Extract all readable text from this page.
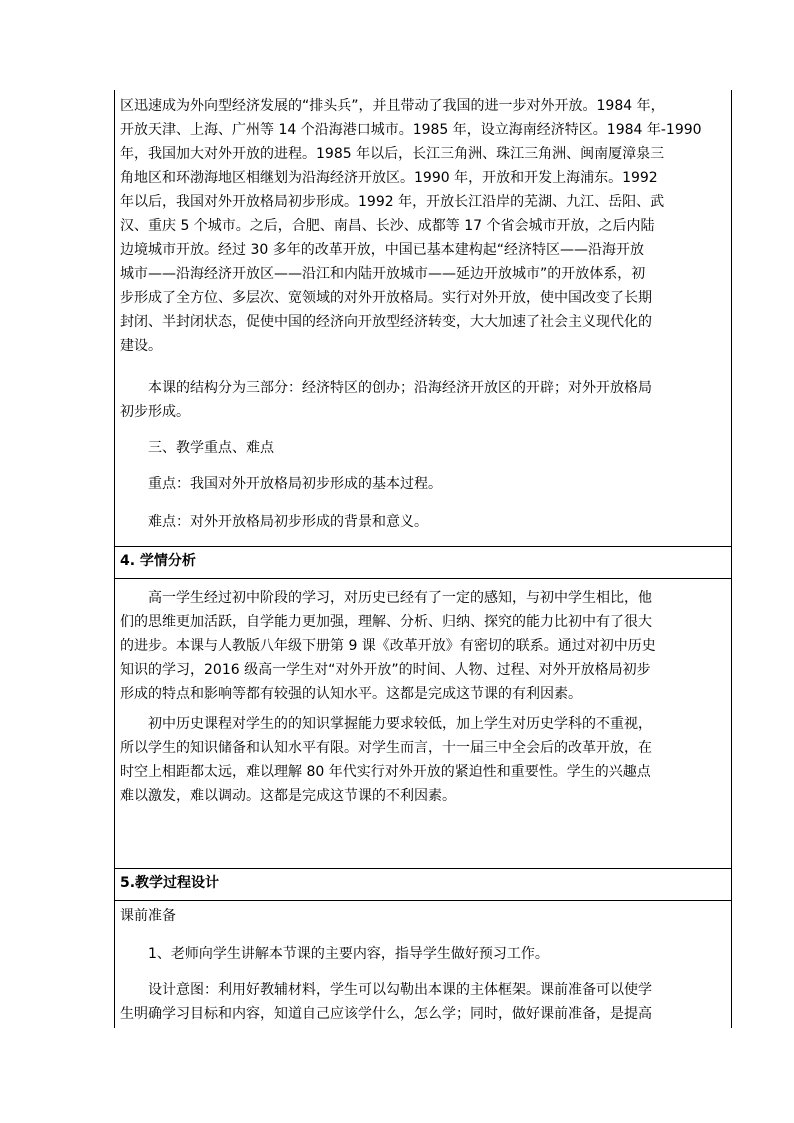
区迅速成为外向型经济发展的“排头兵”，并且带动了我国的进一步对外开放。1984 年，
开放天津、上海、广州等 14 个沿海港口城市。1985 年，设立海南经济特区。1984 年-1990
年，我国加大对外开放的进程。1985 年以后，长江三角洲、珠江三角洲、闽南厦漳泉三
角地区和环渤海地区相继划为沿海经济开放区。1990 年，开放和开发上海浦东。1992
年以后，我国对外开放格局初步形成。1992 年，开放长江沿岸的芜湖、九江、岳阳、武
汉、重庆 5 个城市。之后，合肥、南昌、长沙、成都等 17 个省会城市开放，之后内陆
边境城市开放。经过 30 多年的改革开放，中国已基本建构起“经济特区——沿海开放
城市——沿海经济开放区——沿江和内陆开放城市——延边开放城市”的开放体系，初
步形成了全方位、多层次、宽领域的对外开放格局。实行对外开放，使中国改变了长期
封闭、半封闭状态，促使中国的经济向开放型经济转变，大大加速了社会主义现代化的
建设。
本课的结构分为三部分：经济特区的创办；沿海经济开放区的开辟；对外开放格局
初步形成。
三、教学重点、难点
重点：我国对外开放格局初步形成的基本过程。
难点：对外开放格局初步形成的背景和意义。
4. 学情分析
高一学生经过初中阶段的学习，对历史已经有了一定的感知，与初中学生相比，他
们的思维更加活跃，自学能力更加强，理解、分析、归纳、探究的能力比初中有了很大
的进步。本课与人教版八年级下册第 9 课《改革开放》有密切的联系。通过对初中历史
知识的学习，2016 级高一学生对“对外开放”的时间、人物、过程、对外开放格局初步
形成的特点和影响等都有较强的认知水平。这都是完成这节课的有利因素。
初中历史课程对学生的的知识掌握能力要求较低，加上学生对历史学科的不重视，
所以学生的知识储备和认知水平有限。对学生而言，十一届三中全会后的改革开放，在
时空上相距都太远，难以理解 80 年代实行对外开放的紧迫性和重要性。学生的兴趣点
难以激发，难以调动。这都是完成这节课的不利因素。
5.教学过程设计
课前准备
1、老师向学生讲解本节课的主要内容，指导学生做好预习工作。
设计意图：利用好教辅材料，学生可以勾勒出本课的主体框架。课前准备可以使学
生明确学习目标和内容，知道自己应该学什么，怎么学；同时，做好课前准备，是提高
